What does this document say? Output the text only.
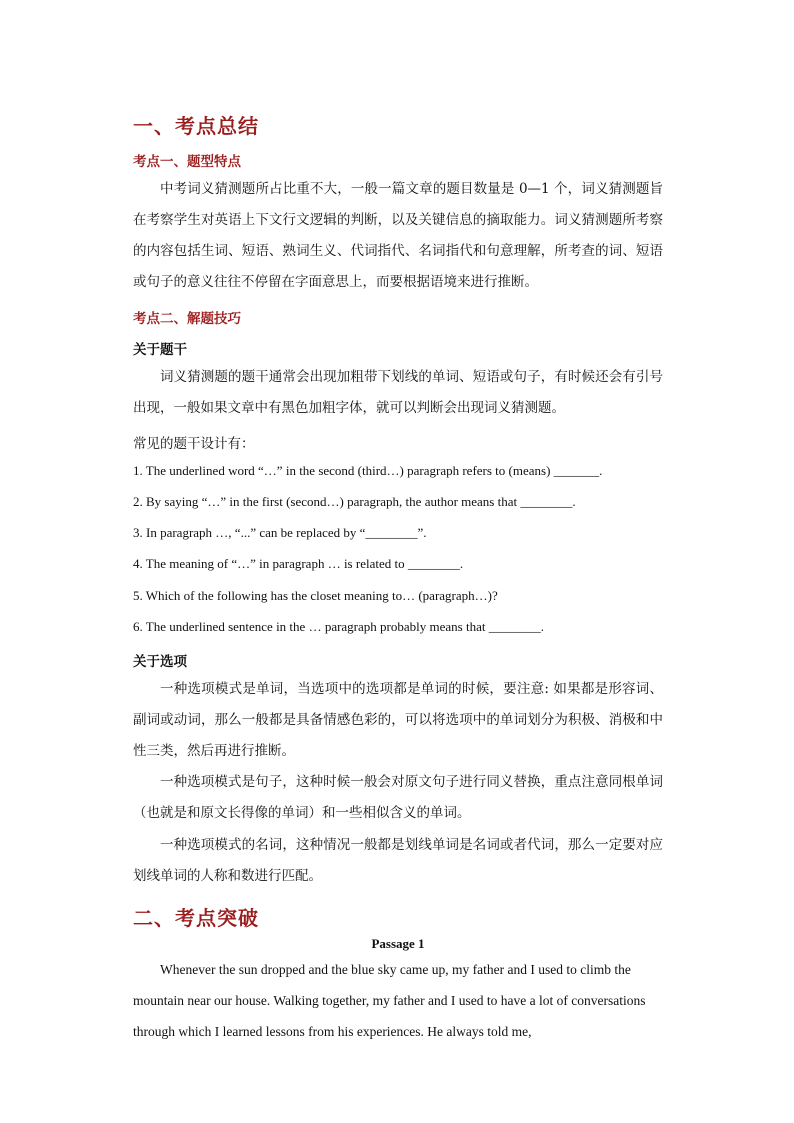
一、考点总结
考点一、题型特点

中考词义猜测题所占比重不大，一般一篇文章的题目数量是 0—1 个，词义猜测题旨在考察学生对英语上下文行文逻辑的判断，以及关键信息的摘取能力。词义猜测题所考察的内容包括生词、短语、熟词生义、代词指代、名词指代和句意理解，所考查的词、短语或句子的意义往往不停留在字面意思上，而要根据语境来进行推断。

考点二、解题技巧
关于题干

词义猜测题的题干通常会出现加粗带下划线的单词、短语或句子，有时候还会有引号出现，一般如果文章中有黑色加粗字体，就可以判断会出现词义猜测题。

常见的题干设计有：
1. The underlined word “…” in the second (third…) paragraph refers to (means) _______.
2. By saying “…” in the first (second…) paragraph, the author means that ________.
3. In paragraph …, “...” can be replaced by “________”.
4. The meaning of “…” in paragraph … is related to ________.
5. Which of the following has the closet meaning to… (paragraph…)?
6. The underlined sentence in the … paragraph probably means that ________.
关于选项

一种选项模式是单词，当选项中的选项都是单词的时候，要注意: 如果都是形容词、副词或动词，那么一般都是具备情感色彩的，可以将选项中的单词划分为积极、消极和中性三类，然后再进行推断。

一种选项模式是句子，这种时候一般会对原文句子进行同义替换，重点注意同根单词（也就是和原文长得像的单词）和一些相似含义的单词。

一种选项模式的名词，这种情况一般都是划线单词是名词或者代词，那么一定要对应划线单词的人称和数进行匹配。

二、考点突破
Passage 1

Whenever the sun dropped and the blue sky came up, my father and I used to climb the mountain near our house. Walking together, my father and I used to have a lot of conversations through which I learned lessons from his experiences. He always told me,
